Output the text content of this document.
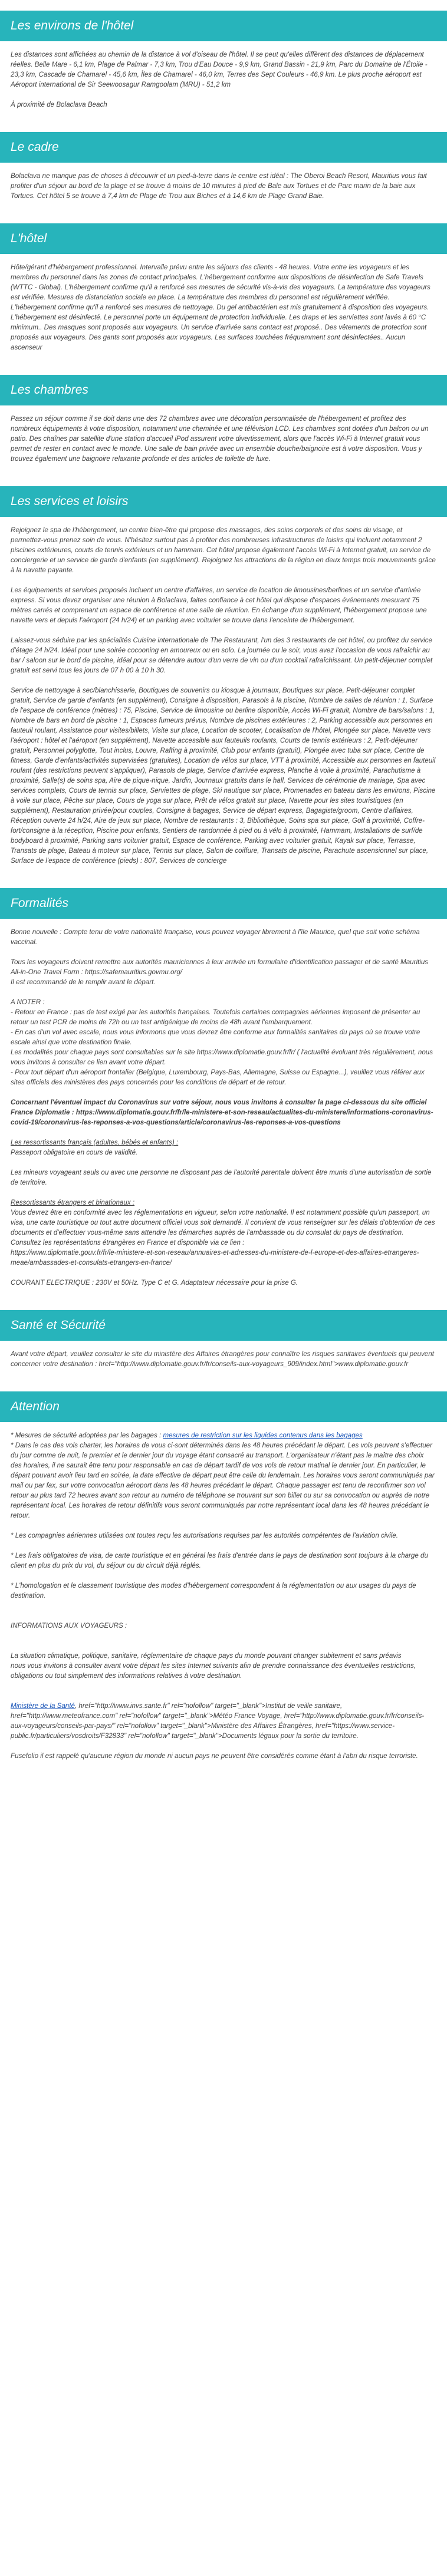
Les environs de l'hôtel

Les distances sont affichées au chemin de la distance à vol d'oiseau de l'hôtel. Il se peut qu'elles diffèrent des distances de déplacement réelles. Belle Mare - 6,1 km, Plage de Palmar - 7,3 km, Trou d'Eau Douce - 9,9 km, Grand Bassin - 21,9 km, Parc du Domaine de l'Étoile - 23,3 km, Cascade de Chamarel - 45,6 km, Îles de Chamarel - 46,0 km, Terres des Sept Couleurs - 46,9 km. Le plus proche aéroport est Aéroport international de Sir Seewoosagur Ramgoolam (MRU) - 51,2 km

À proximité de Bolaclava Beach

Le cadre

Bolaclava ne manque pas de choses à découvrir et un pied-à-terre dans le centre est idéal : The Oberoi Beach Resort, Mauritius vous fait profiter d'un séjour au bord de la plage et se trouve à moins de 10 minutes à pied de Bale aux Tortues et de Parc marin de la baie aux Tortues. Cet hôtel 5 se trouve à 7,4 km de Plage de Trou aux Biches et à 14,6 km de Plage Grand Baie.

L'hôtel

Hôte/gérant d'hébergement professionnel. Intervalle prévu entre les séjours des clients - 48 heures. Votre entre les voyageurs et les membres du personnel dans les zones de contact principales. L'hébergement conforme aux dispositions de désinfection de Safe Travels (WTTC - Global). L'hébergement confirme qu'il a renforcé ses mesures de sécurité vis-à-vis des voyageurs. La température des voyageurs est vérifiée. Mesures de distanciation sociale en place. La température des membres du personnel est régulièrement vérifiée. L'hébergement confirme qu'il a renforcé ses mesures de nettoyage. Du gel antibactérien est mis gratuitement à disposition des voyageurs. L'hébergement est désinfecté. Le personnel porte un équipement de protection individuelle. Les draps et les serviettes sont lavés à 60 °C minimum.. Des masques sont proposés aux voyageurs. Un service d'arrivée sans contact est proposé.. Des vêtements de protection sont proposés aux voyageurs. Des gants sont proposés aux voyageurs. Les surfaces touchées fréquemment sont désinfectées.. Aucun ascenseur

Les chambres

Passez un séjour comme il se doit dans une des 72 chambres avec une décoration personnalisée de l'hébergement et profitez des nombreux équipements à votre disposition, notamment une cheminée et une télévision LCD. Les chambres sont dotées d'un balcon ou un patio. Des chaînes par satellite d'une station d'accueil iPod assurent votre divertissement, alors que l'accès Wi-Fi à Internet gratuit vous permet de rester en contact avec le monde. Une salle de bain privée avec un ensemble douche/baignoire est à votre disposition. Vous y trouvez également une baignoire relaxante profonde et des articles de toilette de luxe.

Les services et loisirs

Rejoignez le spa de l'hébergement, un centre bien-être qui propose des massages, des soins corporels et des soins du visage, et permettez-vous prenez soin de vous. N'hésitez surtout pas à profiter des nombreuses infrastructures de loisirs qui incluent notamment 2 piscines extérieures, courts de tennis extérieurs et un hammam. Cet hôtel propose également l'accès Wi-Fi à Internet gratuit, un service de conciergerie et un service de garde d'enfants (en supplément). Rejoignez les attractions de la région en deux temps trois mouvements grâce à la navette payante.

Les équipements et services proposés incluent un centre d'affaires, un service de location de limousines/berlines et un service d'arrivée express. Si vous devez organiser une réunion à Bolaclava, faites confiance à cet hôtel qui dispose d'espaces événements mesurant 75 mètres carrés et comprenant un espace de conférence et une salle de réunion. En échange d'un supplément, l'hébergement propose une navette vers et depuis l'aéroport (24 h/24) et un parking avec voiturier se trouve dans l'enceinte de l'hébergement.

Laissez-vous séduire par les spécialités Cuisine internationale de The Restaurant, l'un des 3 restaurants de cet hôtel, ou profitez du service d'étage 24 h/24. Idéal pour une soirée cocooning en amoureux ou en solo. La journée ou le soir, vous avez l'occasion de vous rafraîchir au bar / saloon sur le bord de piscine, idéal pour se détendre autour d'un verre de vin ou d'un cocktail rafraîchissant. Un petit-déjeuner complet gratuit est servi tous les jours de 07 h 00 à 10 h 30.

Service de nettoyage à sec/blanchisserie, Boutiques de souvenirs ou kiosque à journaux, Boutiques sur place, Petit-déjeuner complet gratuit, Service de garde d'enfants (en supplément), Consigne à disposition, Parasols à la piscine, Nombre de salles de réunion : 1, Surface de l'espace de conférence (mètres) : 75, Piscine, Service de limousine ou berline disponible, Accès Wi-Fi gratuit, Nombre de bars/salons : 1, Nombre de bars en bord de piscine : 1, Espaces fumeurs prévus, Nombre de piscines extérieures : 2, Parking accessible aux personnes en fauteuil roulant, Assistance pour visites/billets, Visite sur place, Location de scooter, Localisation de l'hôtel, Plongée sur place, Navette vers l'aéroport : hôtel et l'aéroport (en supplément), Navette accessible aux fauteuils roulants, Courts de tennis extérieurs : 2, Petit-déjeuner gratuit, Personnel polyglotte, Tout inclus, Louvre, Rafting à proximité, Club pour enfants (gratuit), Plongée avec tuba sur place, Centre de fitness, Garde d'enfants/activités supervisées (gratuites), Location de vélos sur place, VTT à proximité, Accessible aux personnes en fauteuil roulant (des restrictions peuvent s'appliquer), Parasols de plage, Service d'arrivée express, Planche à voile à proximité, Parachutisme à proximité, Salle(s) de soins spa, Aire de pique-nique, Jardin, Journaux gratuits dans le hall, Services de cérémonie de mariage, Spa avec services complets, Cours de tennis sur place, Serviettes de plage, Ski nautique sur place, Promenades en bateau dans les environs, Piscine à voile sur place, Pêche sur place, Cours de yoga sur place, Prêt de vélos gratuit sur place, Navette pour les sites touristiques (en supplément), Restauration privée/pour couples, Consigne à bagages, Service de départ express, Bagagiste/groom, Centre d'affaires, Réception ouverte 24 h/24, Aire de jeux sur place, Nombre de restaurants : 3, Bibliothèque, Soins spa sur place, Golf à proximité, Coffre-fort/consigne à la réception, Piscine pour enfants, Sentiers de randonnée à pied ou à vélo à proximité, Hammam, Installations de surf/de bodyboard à proximité, Parking sans voiturier gratuit, Espace de conférence, Parking avec voiturier gratuit, Kayak sur place, Terrasse, Transats de plage, Bateau à moteur sur place, Tennis sur place, Salon de coiffure, Transats de piscine, Parachute ascensionnel sur place, Surface de l'espace de conférence (pieds) : 807, Services de concierge

Formalités

Bonne nouvelle : Compte tenu de votre nationalité française, vous pouvez voyager librement à l'île Maurice, quel que soit votre schéma vaccinal.

Tous les voyageurs doivent remettre aux autorités mauriciennes à leur arrivée un formulaire d'identification passager et de santé Mauritius All-in-One Travel Form : https://safemauritius.govmu.org/

Il est recommandé de le remplir avant le départ.

A NOTER :

- Retour en France : pas de test exigé par les autorités françaises. Toutefois certaines compagnies aériennes imposent de présenter au retour un test PCR de moins de 72h ou un test antigénique de moins de 48h avant l'embarquement.

- En cas d'un vol avec escale, nous vous informons que vous devrez être conforme aux formalités sanitaires du pays où se trouve votre escale ainsi que votre destination finale.

Les modalités pour chaque pays sont consultables sur le site https://www.diplomatie.gouv.fr/fr/ ( l'actualité évoluant très régulièrement, nous vous invitons à consulter ce lien avant votre départ.

- Pour tout départ d'un aéroport frontalier (Belgique, Luxembourg, Pays-Bas, Allemagne, Suisse ou Espagne...), veuillez vous référer aux sites officiels des ministères des pays concernés pour les conditions de départ et de retour.

Concernant l'éventuel impact du Coronavirus sur votre séjour, nous vous invitons à consulter la page ci-dessous du site officiel France Diplomatie : https://www.diplomatie.gouv.fr/fr/le-ministere-et-son-reseau/actualites-du-ministere/informations-coronavirus-covid-19/coronavirus-les-reponses-a-vos-questions/article/coronavirus-les-reponses-a-vos-questions

Les ressortissants français (adultes, bébés et enfants) :

Passeport obligatoire en cours de validité.

Les mineurs voyageant seuls ou avec une personne ne disposant pas de l'autorité parentale doivent être munis d'une autorisation de sortie de territoire.

Ressortissants étrangers et binationaux :

Vous devrez être en conformité avec les réglementations en vigueur, selon votre nationalité. Il est notamment possible qu'un passeport, un visa, une carte touristique ou tout autre document officiel vous soit demandé. Il convient de vous renseigner sur les délais d'obtention de ces documents et d'effectuer vous-même sans attendre les démarches auprès de l'ambassade ou du consulat du pays de destination.

Consultez les représentations étrangères en France et disponible via ce lien :

https://www.diplomatie.gouv.fr/fr/le-ministere-et-son-reseau/annuaires-et-adresses-du-ministere-de-l-europe-et-des-affaires-etrangeres-meae/ambassades-et-consulats-etrangers-en-france/

COURANT ELECTRIQUE : 230V et 50Hz. Type C et G. Adaptateur nécessaire pour la prise G.

Santé et Sécurité

Avant votre départ, veuillez consulter le site du ministère des Affaires étrangères pour connaître les risques sanitaires éventuels qui peuvent concerner votre destination : href="http://www.diplomatie.gouv.fr/fr/conseils-aux-voyageurs_909/index.html">www.diplomatie.gouv.fr

Attention

* Mesures de sécurité adoptées par les bagages : mesures de restriction sur les liquides contenus dans les bagages

* Dans le cas des vols charter, les horaires de vous ci-sont déterminés dans les 48 heures précédant le départ. Les vols peuvent s'effectuer du jour comme de nuit, le premier et le dernier jour du voyage étant consacré au transport. L'organisateur n'étant pas le maître des choix des horaires, il ne saurait être tenu pour responsable en cas de départ tardif de vos vols de retour matinal le dernier jour. En particulier, le départ pouvant avoir lieu tard en soirée, la date effective de départ peut être celle du lendemain. Les horaires vous seront communiqués par mail ou par fax, sur votre convocation aéroport dans les 48 heures précédant le départ. Chaque passager est tenu de reconfirmer son vol retour au plus tard 72 heures avant son retour au numéro de téléphone se trouvant sur son billet ou sur sa convocation ou auprès de notre représentant local. Les horaires de retour définitifs vous seront communiqués par notre représentant local dans les 48 heures précédant le retour.

* Les compagnies aériennes utilisées ont toutes reçu les autorisations requises par les autorités compétentes de l'aviation civile.

* Les frais obligatoires de visa, de carte touristique et en général les frais d'entrée dans le pays de destination sont toujours à la charge du client en plus du prix du vol, du séjour ou du circuit déjà réglés.

* L'homologation et le classement touristique des modes d'hébergement correspondent à la réglementation ou aux usages du pays de destination.

INFORMATIONS AUX VOYAGEURS :

La situation climatique, politique, sanitaire, réglementaire de chaque pays du monde pouvant changer subitement et sans préavis

nous vous invitons à consulter avant votre départ les sites Internet suivants afin de prendre connaissance des éventuelles restrictions, obligations ou tout simplement des informations relatives à votre destination.

Ministère de la Santé, href="http://www.invs.sante.fr" rel="nofollow" target="_blank">Institut de veille sanitaire, href="http://www.meteofrance.com" rel="nofollow" target="_blank">Météo France Voyage, href="http://www.diplomatie.gouv.fr/fr/conseils-aux-voyageurs/conseils-par-pays/" rel="nofollow" target="_blank">Ministère des Affaires Étrangères, href="https://www.service-public.fr/particuliers/vosdroits/F32833" rel="nofollow" target="_blank">Documents légaux pour la sortie du territoire.

Fusefolio il est rappelé qu'aucune région du monde ni aucun pays ne peuvent être considérés comme étant à l'abri du risque terroriste.
